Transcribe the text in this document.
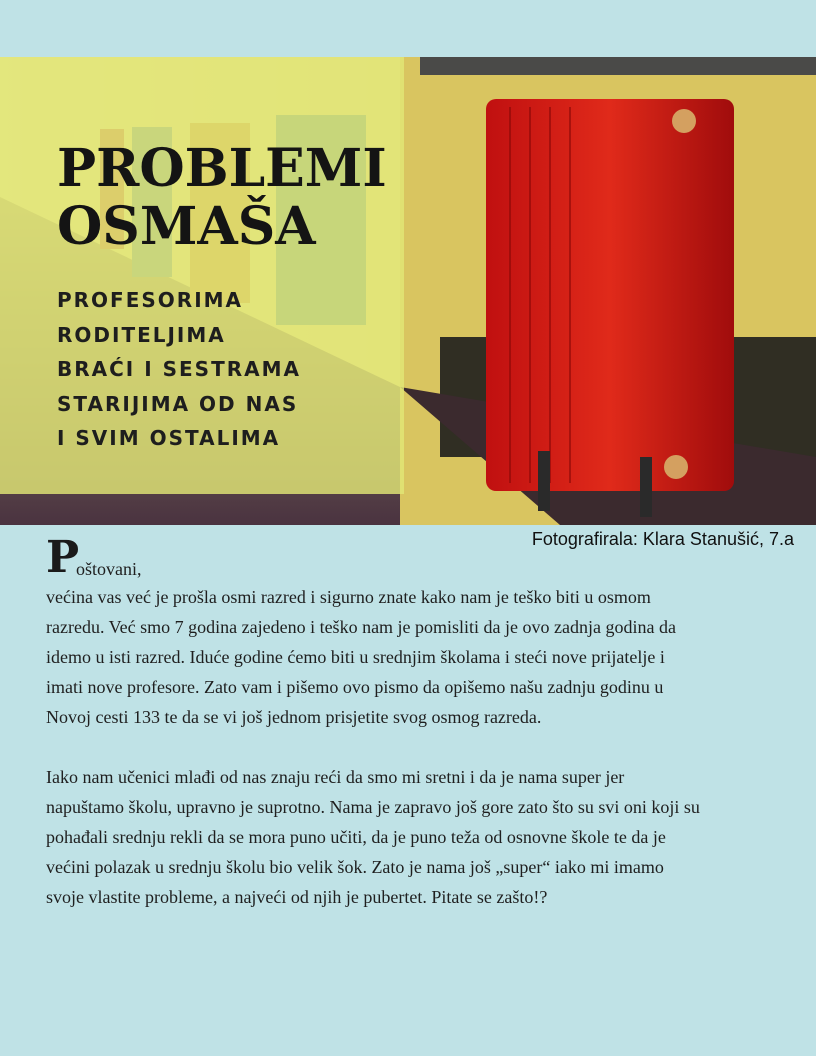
PROBLEMI
OSMAŠA
PROFESORIMA
RODITELJIMA
BRAĆI I SESTRAMA
STARIJIMA OD NAS
I SVIM OSTALIMA
Fotografirala: Klara Stanušić, 7.a
P
oštovani,

većina vas već je prošla osmi razred i sigurno znate kako nam je teško biti u osmom razredu. Već smo 7 godina zajedeno i teško nam je pomisliti da je ovo zadnja godina da idemo u isti razred. Iduće godine ćemo biti u srednjim školama i steći nove prijatelje i imati nove profesore. Zato vam i pišemo ovo pismo da opišemo našu zadnju godinu u Novoj cesti 133 te da se vi još jednom prisjetite svog osmog razreda.

Iako nam učenici mlađi od nas znaju reći da smo mi sretni i da je nama super jer napuštamo školu, upravno je suprotno. Nama je zapravo još gore zato što su svi oni koji su pohađali srednju rekli da se mora puno učiti, da je puno teža od osnovne škole te da je većini polazak u srednju školu bio velik šok. Zato je nama još „super“ iako mi imamo svoje vlastite probleme, a najveći od njih je pubertet. Pitate se zašto!?
